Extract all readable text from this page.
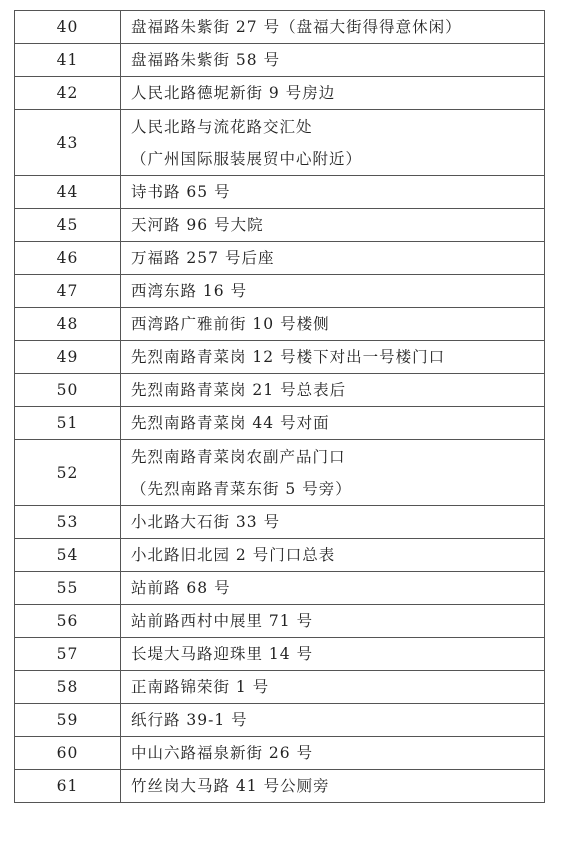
40	盘福路朱紫街 27 号（盘福大街得得意休闲）

41	盘福路朱紫街 58 号

42	人民北路德坭新街 9 号房边

43	人民北路与流花路交汇处
（广州国际服装展贸中心附近）

44	诗书路 65 号

45	天河路 96 号大院

46	万福路 257 号后座

47	西湾东路 16 号

48	西湾路广雅前街 10 号楼侧

49	先烈南路青菜岗 12 号楼下对出一号楼门口

50	先烈南路青菜岗 21 号总表后

51	先烈南路青菜岗 44 号对面

52	先烈南路青菜岗农副产品门口
（先烈南路青菜东街 5 号旁）

53	小北路大石街 33 号

54	小北路旧北园 2 号门口总表

55	站前路 68 号

56	站前路西村中展里 71 号

57	长堤大马路迎珠里 14 号

58	正南路锦荣街 1 号

59	纸行路 39-1 号

60	中山六路福泉新街 26 号

61	竹丝岗大马路 41 号公厕旁
